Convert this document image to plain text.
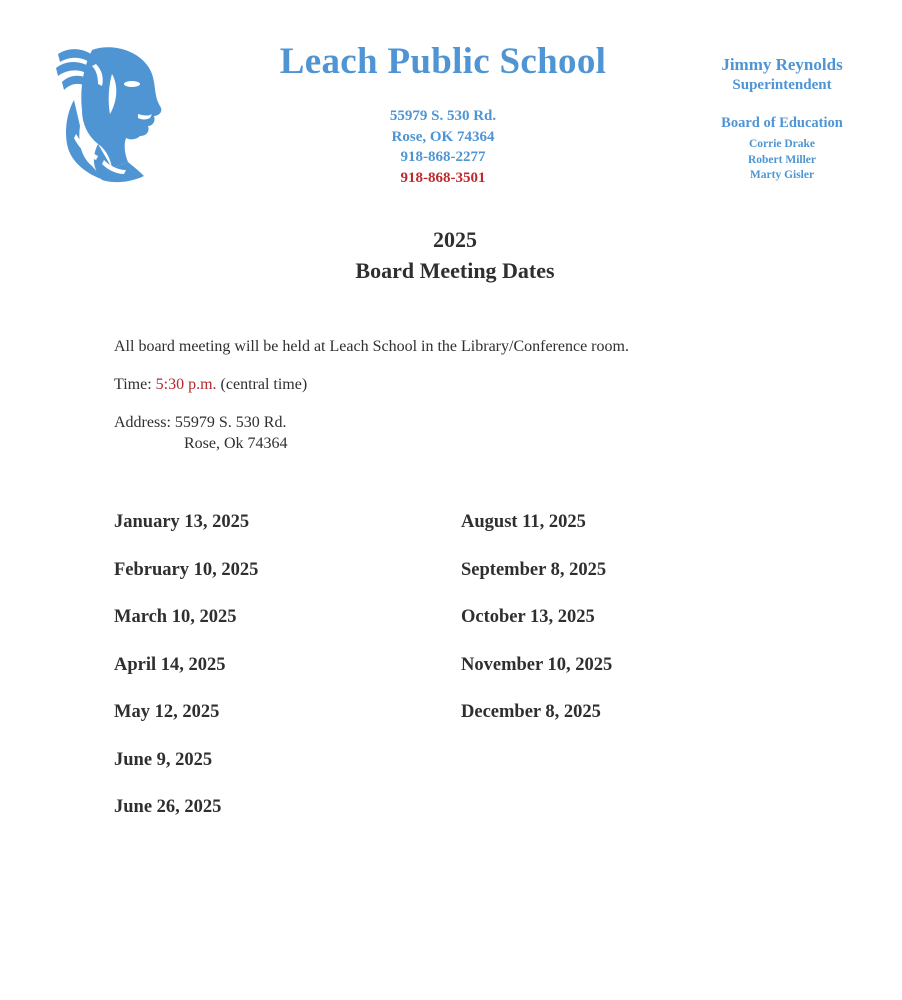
Leach Public School
55979 S. 530 Rd.
Rose, OK 74364
918-868-2277
918-868-3501
Jimmy Reynolds
Superintendent
Board of Education
Corrie Drake
Robert Miller
Marty Gisler
2025
Board Meeting Dates

All board meeting will be held at Leach School in the Library/Conference room.

Time: 5:30 p.m. (central time)

Address: 55979 S. 530 Rd.

Rose, Ok 74364

January 13, 2025
February 10, 2025
March 10, 2025
April 14, 2025
May 12, 2025
June 9, 2025
June 26, 2025
August 11, 2025
September 8, 2025
October 13, 2025
November 10, 2025
December 8, 2025
